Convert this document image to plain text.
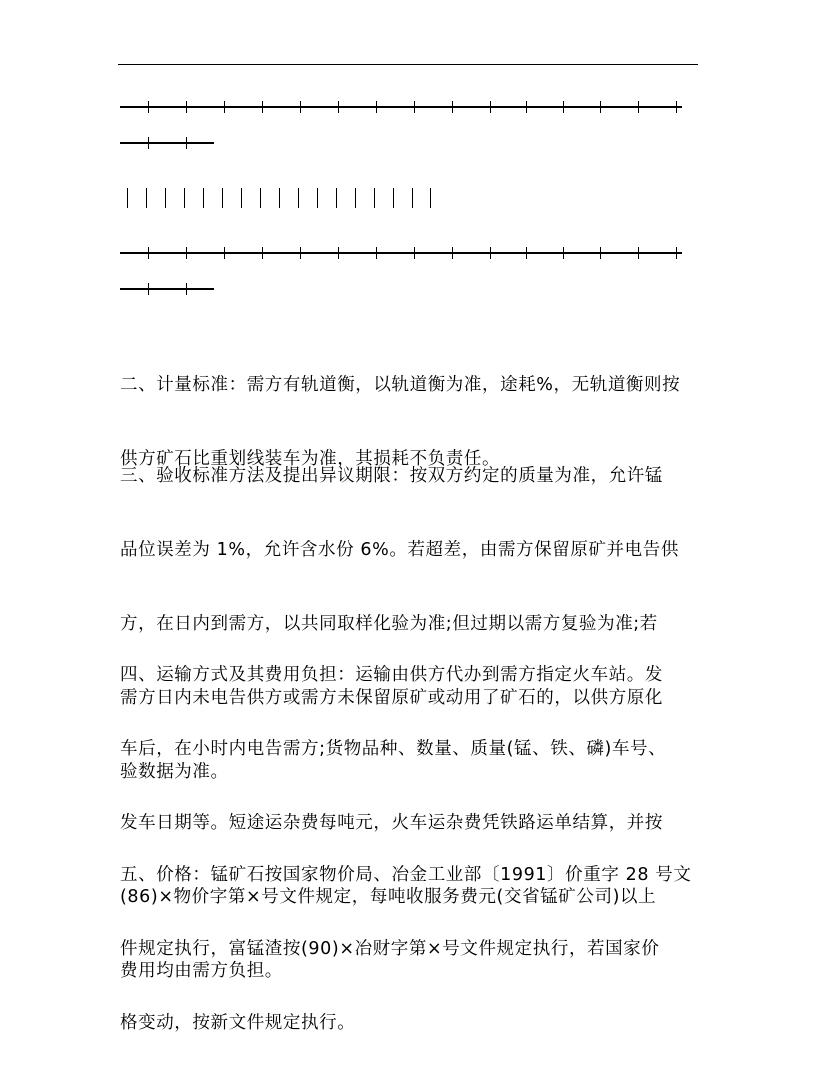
二、计量标准：需方有轨道衡，以轨道衡为准，途耗%，无轨道衡则按

供方矿石比重划线装车为准，其损耗不负责任。

三、验收标准方法及提出异议期限：按双方约定的质量为准，允许锰

品位误差为 1%，允许含水份 6%。若超差，由需方保留原矿并电告供

方，在日内到需方，以共同取样化验为准;但过期以需方复验为准;若

需方日内未电告供方或需方未保留原矿或动用了矿石的，以供方原化

验数据为准。

四、运输方式及其费用负担：运输由供方代办到需方指定火车站。发

车后，在小时内电告需方;货物品种、数量、质量(锰、铁、磷)车号、

发车日期等。短途运杂费每吨元，火车运杂费凭铁路运单结算，并按

(86)×物价字第×号文件规定，每吨收服务费元(交省锰矿公司)以上

费用均由需方负担。

五、价格：锰矿石按国家物价局、冶金工业部〔1991〕价重字 28 号文

件规定执行，富锰渣按(90)×冶财字第×号文件规定执行，若国家价

格变动，按新文件规定执行。
